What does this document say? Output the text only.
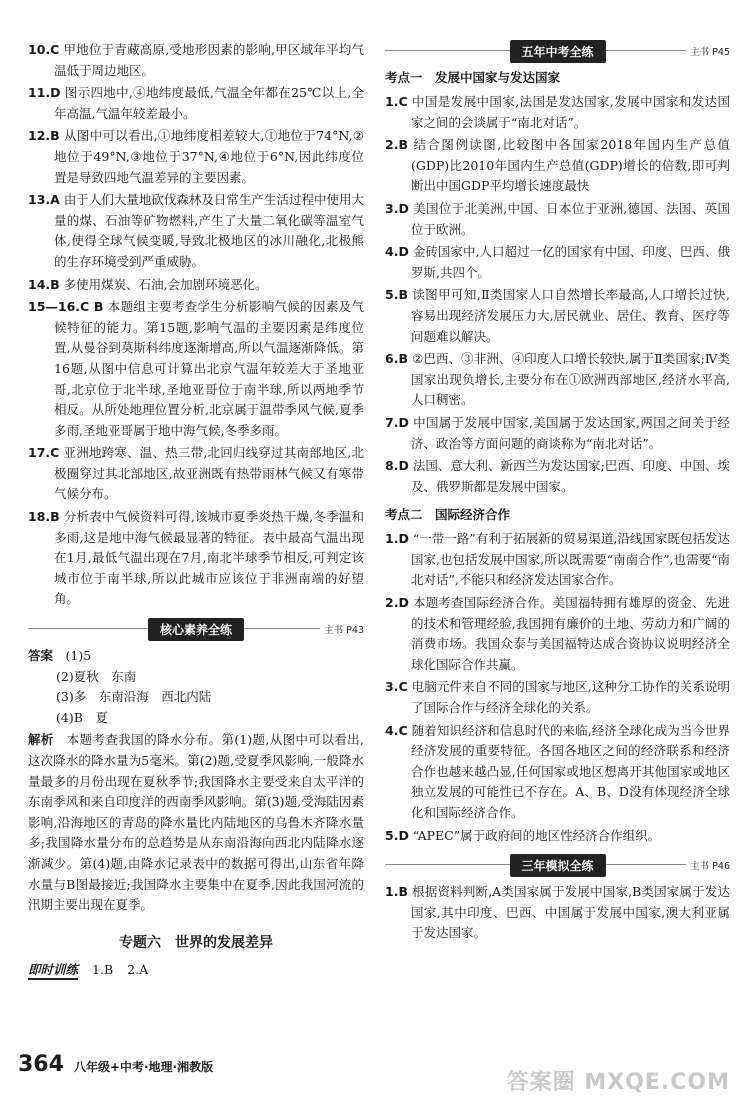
10.C 甲地位于青藏高原,受地形因素的影响,甲区域年平均气温低于周边地区。
11.D 图示四地中,④地纬度最低,气温全年都在25℃以上,全年高温,气温年较差最小。
12.B 从图中可以看出,①地纬度相差较大,①地位于74°N,②地位于49°N,③地位于37°N,④地位于6°N,因此纬度位置是导致四地气温差异的主要因素。
13.A 由于人们大量地砍伐森林及日常生产生活过程中使用大量的煤、石油等矿物燃料,产生了大量二氧化碳等温室气体,使得全球气候变暖,导致北极地区的冰川融化,北极熊的生存环境受到严重威胁。
14.B 多使用煤炭、石油,会加剧环境恶化。
15—16.C B 本题组主要考查学生分析影响气候的因素及气候特征的能力。第15题,影响气温的主要因素是纬度位置,从曼谷到莫斯科纬度逐渐增高,所以气温逐渐降低。第16题,从图中信息可计算出北京气温年较差大于圣地亚哥,北京位于北半球,圣地亚哥位于南半球,所以两地季节相反。从所处地理位置分析,北京属于温带季风气候,夏季多雨,圣地亚哥属于地中海气候,冬季多雨。
17.C 亚洲地跨寒、温、热三带,北回归线穿过其南部地区,北极圈穿过其北部地区,故亚洲既有热带雨林气候又有寒带气候分布。
18.B 分析表中气候资料可得,该城市夏季炎热干燥,冬季温和多雨,这是地中海气候最显著的特征。表中最高气温出现在1月,最低气温出现在7月,南北半球季节相反,可判定该城市位于南半球,所以此城市应该位于非洲南端的好望角。
核心素养全练	主书 P43
答案　 (1)5
(2)夏秋　东南
(3)多　东南沿海　西北内陆
(4)B　夏
解析　 本题考查我国的降水分布。第(1)题,从图中可以看出,这次降水的降水量为5毫米。第(2)题,受夏季风影响,一般降水量最多的月份出现在夏秋季节;我国降水主要受来自太平洋的东南季风和来自印度洋的西南季风影响。第(3)题,受海陆因素影响,沿海地区的青岛的降水量比内陆地区的乌鲁木齐降水量多;我国降水量分布的总趋势是从东南沿海向西北内陆降水逐渐减少。第(4)题,由降水记录表中的数据可得出,山东省年降水量与B图最接近;我国降水主要集中在夏季,因此我国河流的汛期主要出现在夏季。
专题六　世界的发展差异
即时训练 1.B 2.A
五年中考全练	主书 P45
考点一　发展中国家与发达国家
1.C 中国是发展中国家,法国是发达国家,发展中国家和发达国家之间的会谈属于“南北对话”。
2.B 结合图例读图,比较图中各国家2018年国内生产总值(GDP)比2010年国内生产总值(GDP)增长的倍数,即可判断出中国GDP平均增长速度最快
3.D 美国位于北美洲,中国、日本位于亚洲,德国、法国、英国位于欧洲。
4.D 金砖国家中,人口超过一亿的国家有中国、印度、巴西、俄罗斯,共四个。
5.B 读图甲可知,Ⅱ类国家人口自然增长率最高,人口增长过快,容易出现经济发展压力大,居民就业、居住、教育、医疗等问题难以解决。
6.B ②巴西、③非洲、④印度人口增长较快,属于Ⅱ类国家;Ⅳ类国家出现负增长,主要分布在①欧洲西部地区,经济水平高,人口稠密。
7.D 中国属于发展中国家,美国属于发达国家,两国之间关于经济、政治等方面问题的商谈称为“南北对话”。
8.D 法国、意大利、新西兰为发达国家;巴西、印度、中国、埃及、俄罗斯都是发展中国家。
考点二　国际经济合作
1.D “一带一路”有利于拓展新的贸易渠道,沿线国家既包括发达国家,也包括发展中国家,所以既需要“南南合作”,也需要“南北对话”,不能只和经济发达国家合作。
2.D 本题考查国际经济合作。美国福特拥有雄厚的资金、先进的技术和管理经验,我国拥有廉价的土地、劳动力和广阔的消费市场。我国众泰与美国福特达成合资协议说明经济全球化国际合作共赢。
3.C 电脑元件来自不同的国家与地区,这种分工协作的关系说明了国际合作与经济全球化的关系。
4.C 随着知识经济和信息时代的来临,经济全球化成为当今世界经济发展的重要特征。各国各地区之间的经济联系和经济合作也越来越凸显,任何国家或地区想离开其他国家或地区独立发展的可能性已不存在。A、B、D没有体现经济全球化和国际经济合作。
5.D “APEC”属于政府间的地区性经济合作组织。
三年模拟全练	主书 P46
1.B 根据资料判断,A类国家属于发展中国家,B类国家属于发达国家,其中印度、巴西、中国属于发展中国家,澳大利亚属于发达国家。
364 八年级+中考·地理·湘教版
答案圈 MXQE.COM
